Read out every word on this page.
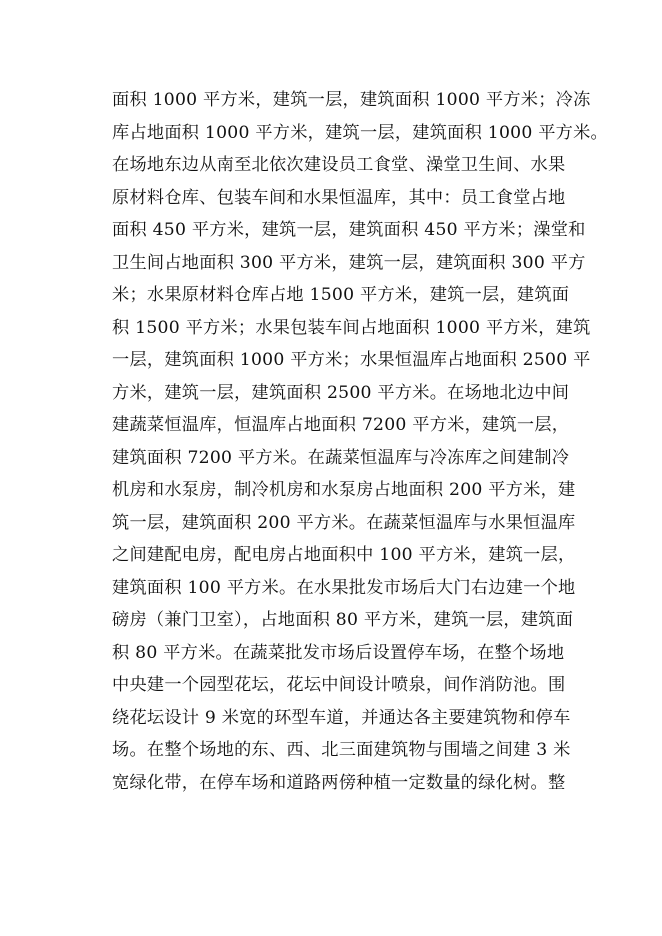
面积 1000 平方米，建筑一层，建筑面积 1000 平方米；冷冻
库占地面积 1000 平方米，建筑一层，建筑面积 1000 平方米。
在场地东边从南至北依次建设员工食堂、澡堂卫生间、水果
原材料仓库、包装车间和水果恒温库，其中：员工食堂占地
面积 450 平方米，建筑一层，建筑面积 450 平方米；澡堂和
卫生间占地面积 300 平方米，建筑一层，建筑面积 300 平方
米；水果原材料仓库占地 1500 平方米，建筑一层，建筑面
积 1500 平方米；水果包装车间占地面积 1000 平方米，建筑
一层，建筑面积 1000 平方米；水果恒温库占地面积 2500 平
方米，建筑一层，建筑面积 2500 平方米。在场地北边中间
建蔬菜恒温库，恒温库占地面积 7200 平方米，建筑一层，
建筑面积 7200 平方米。在蔬菜恒温库与冷冻库之间建制冷
机房和水泵房，制冷机房和水泵房占地面积 200 平方米，建
筑一层，建筑面积 200 平方米。在蔬菜恒温库与水果恒温库
之间建配电房，配电房占地面积中 100 平方米，建筑一层，
建筑面积 100 平方米。在水果批发市场后大门右边建一个地
磅房（兼门卫室），占地面积 80 平方米，建筑一层，建筑面
积 80 平方米。在蔬菜批发市场后设置停车场，在整个场地
中央建一个园型花坛，花坛中间设计喷泉，间作消防池。围
绕花坛设计 9 米宽的环型车道，并通达各主要建筑物和停车
场。在整个场地的东、西、北三面建筑物与围墙之间建 3 米
宽绿化带，在停车场和道路两傍种植一定数量的绿化树。整
